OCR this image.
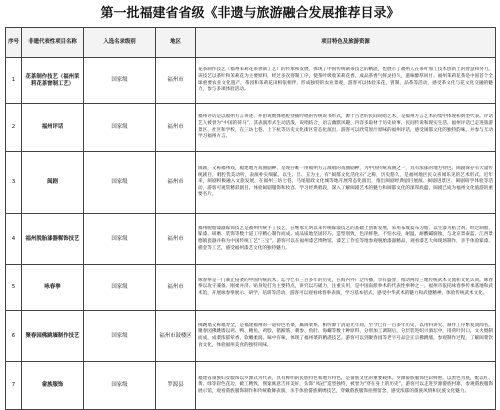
第一批福建省省级《非遗与旅游融合发展推荐目录》
序号	非遗代表性项目名称	入选名录级别	地区	项目特色及旅游资源
1	花茶制作技艺（福州茉莉花茶窨制工艺）	国家级	福州市	花茶制作技艺（福州茉莉花茶窨制工艺）的传承和发展，体现了中国传统制茶技艺的精湛，也展示了福州人在茶叶加工技术创新上的智慧和努力。该技艺以茶叶和茉莉花为主要原料，经过多次窨制工序，使茶叶吸收茉莉花香，成品茶香气鲜灵持久，滋味醇厚回甘。福州茉莉花茶是中国首个全球重要农业文化遗产，茶园和茉莉花田相依相伴，形成独特的农业景观，游客可以体验采花、窨制、品茶等活动，感受茶文化与花文化交融的魅力，参与多项体验活动。

2	福州评话	国家级	福州市	福州评话是以福州方言讲述，并由说数体唱腔穿插吟唱的传统说书形式，源于古老的民间说唱艺术，是福州方言艺术的集中体现和典型代表。评话艺人被誉为“中国的荷马”，其表演形式生动活泼，说唱结合，语言幽默风趣，内容多取材于历史故事、民间传说和现实生活。福州评话已走进旅游景区、社区和学校，在三坊七巷、上下杭等历史文化街区常态化演出，游客可以欣赏原汁原味的福州评话，感受闽都文化的独特韵味，并参与互动学习福州方言。

3	闽剧	国家级	福州市	闽剧，又称福州戏，福建地方戏曲剧种，是现存唯一用福州方言演唱的戏曲剧种，为中国传统戏曲之一，具有浓郁的地方特色。闽剧保存有大量传统剧目，唱腔优美动听，表演朴实细腻，以生、旦、丑为主，有“闽都文化活化石”之称，历史悠久，是福州地区民众喜闻乐见的艺术形式。近年来，闽剧积极融入文旅发展，在福州三坊七巷、马尾船政文化城等地开展常态化演出，推出闽剧经典剧目展演、闽剧进景区、闽剧研学体验等活动，游客可观赏精彩剧目、体验闽剧服饰和妆容、学习经典唱段，深入了解闽剧艺术的魅力和闽都文化的深厚底蕴，闽剧已成为福州文化旅游的重要名片。

4	福州脱胎漆器髹饰技艺	国家级	福州市	福州脱胎漆器髹饰技艺是福州传统手工技艺，在继承元明以来传统髹漆技艺的基础上创新发展，采用布或夏布为胎，以生漆为粘合剂，经过制胎、髹漆、研磨、装饰等数十道工序精心制作而成。成品质地坚固轻巧，造型别致，色泽鲜艳，不怕水浸，耐温、耐酸碱腐蚀，与北京景泰蓝、江西景德镇瓷器并称为中国传统工艺“三宝”。游客可以在福州漆艺博物馆、漆艺工作室等地参观脱胎漆器精品，观看漆艺大师现场制作，亲手体验髹漆、描金等工艺，感受福州漆艺文化的独特魅力。

5	咏春拳	国家级	福州市	咏春拳是一门制止侵袭的中国传统武术，迄今已有三百多年的历史，在海内外广泛传播，享有盛誉，推动两岸三地传统武术交流和文化认同。咏春拳以攻守兼备、刚柔并济、贴身短打为主要特点，讲究以巧破力，注重实用，是中国南派拳术的代表性拳种之一。福州市依托咏春拳传承基地和武术馆，开展咏春拳展示、研学、培训等活动，游客可以观看咏春拳表演，学习基本招式，感受中华武术的魅力和武德精神，体验传统武术文化。

6	聚春园佛跳墙制作技艺	国家级	福州市鼓楼区	佛跳墙又称福寿全，是福建福州的一道特色名菜，属闽菜系，相传源于清道光年间，至今已有一百多年历史，以用料讲究、制作工序繁复而闻名。聚春园佛跳墙以鸡、鸭、鲍鱼、鸡胗、猪蹄筋、刺参、鱼肚、海螺等数十种原料，分别加工调制后，分层装进绍兴酒坛中，用荷叶封口，文火煨制而成，成菜浓郁荤香、软嫩柔润、味中有味，体现了福州菜的精湛技艺。游客可以到聚春园等老字号品尝正宗佛跳墙，参观制作过程，了解闽菜饮食文化，体验福州美食的独特风味。

7	畲族服饰	国家级	罗源县	福建省畲族妇女服饰以罗源式为代表，具有鲜明的民族特色和地方特色，是畲族文化的重要载体。罗源畲族服饰色彩鲜艳，以黑色为底，配以红、黄、绿等彩色花边，做工精致，图案寓意吉祥美好，头饰“凤冠”造型独特，被誉为“穿在身上的历史”。游客可以走进罗源畲族村寨，参观畲族服饰展示馆，观看畲族服饰制作和传统歌舞表演，亲手体验畲族刺绣技艺，穿戴畲族服饰拍照留念，感受浓郁的畲族风情和民族文化魅力。
